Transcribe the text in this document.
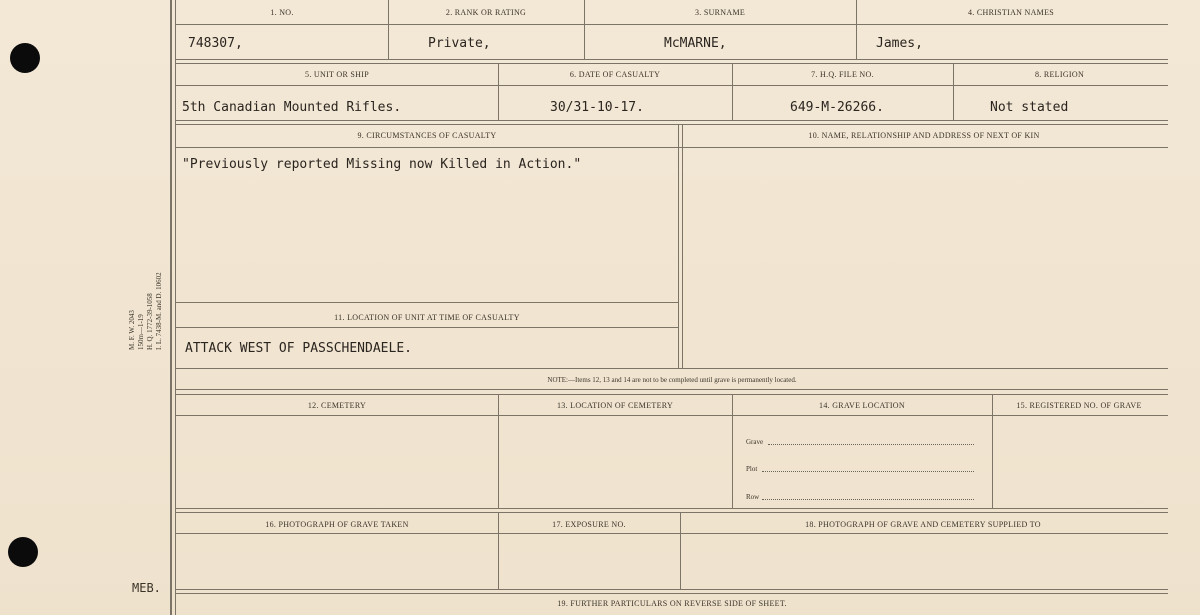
M. F. W. 2043 150m—1-19 H. Q. 1772-39-1058 I. L. 7438-M. and D. 10602
1. NO.	2. RANK OR RATING	3. SURNAME	4. CHRISTIAN NAMES
748307,	Private,	McMARNE,	James,
5. UNIT OR SHIP	6. DATE OF CASUALTY	7. H.Q. FILE NO.	8. RELIGION
5th Canadian Mounted Rifles.	30/31-10-17.	649-M-26266.	Not stated
9. CIRCUMSTANCES OF CASUALTY	10. NAME, RELATIONSHIP AND ADDRESS OF NEXT OF KIN
"Previously reported Missing now Killed in Action."
11. LOCATION OF UNIT AT TIME OF CASUALTY
ATTACK WEST OF PASSCHENDAELE.
NOTE:—Items 12, 13 and 14 are not to be completed until grave is permanently located.
12. CEMETERY	13. LOCATION OF CEMETERY	14. GRAVE LOCATION	15. REGISTERED NO. OF GRAVE
Grave
Plot
Row
16. PHOTOGRAPH OF GRAVE TAKEN	17. EXPOSURE NO.	18. PHOTOGRAPH OF GRAVE AND CEMETERY SUPPLIED TO
19. FURTHER PARTICULARS ON REVERSE SIDE OF SHEET.
MEB.
